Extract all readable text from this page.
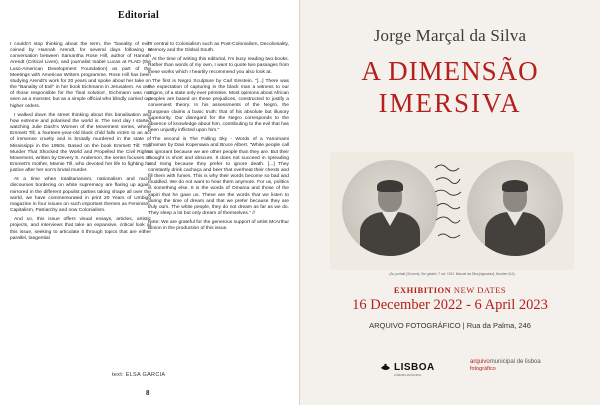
Editorial

I couldn't stop thinking about the term, the "banality of evil" coined by Hannah Arendt, for several days following a conversation between Samantha Rose Hill, author of Hannah Arendt (Critical Lives), and journalist Isabel Lucas at FLAD (the Luso-American Development Foundation) as part of the Meetings with American Writers programme. Rose Hill has been studying Arendt's work for 20 years and spoke about her take on the "Banality of Evil" in her book Eichmann in Jerusalem. As one of those responsible for the 'final solution', Eichmann was not seen as a monster, but as a simple official who blindly carried out higher orders.

I walked down the street thinking about this banalisation and how extreme and polarised the world is. The next day I started watching Julie Dash's Women of the Movement series, where Emmett Till, a fourteen-year-old black child falls victim to an act of immense cruelty and is brutally murdered in the state of Mississippi in the 1950s. Based on the book Emmett Till: The Murder That Shocked the World and Propelled the Civil Rights Movement, written by Devery S. Anderson, the series focuses on Emmett's mother, Mamie Till, who devoted her life to fighting for justice after her son's brutal murder.

At a time when totalitarianism, nationalism and racist discourses bordering on white supremacy are flaring up again, mirrored in the different populist parties taking shape all over the world, we have commemorated in print 20 Years of Umbigo magazine in four issues on such important themes as Feminism, Capitalism, Patriarchy and now Colonialism.

And so, this issue offers visual essays, articles, artistic projects, and interviews that take an expansive, critical look at this issue, seeking to articulate it through topics that are either parallel, tangential

or central to Colonialism such as Post-Colonialism, Decoloniality, Memory and the Global South.

At the time of writing this editorial, I'm busy reading two books. Rather than words of my own, I want to quote two passages from these works which I heartily recommend you also look at.

The first is Negro Sculpture by Carl Einstein. "[...] There was the expectation of capturing in the black man a witness to our origins, of a state only ever primitive. Most opinions about African peoples are based on these prejudices, constructed to justify a convenient theory. In his assessments of the Negro, the European claims a basic truth: that of his absolute but illusory superiority. Our disregard for the Negro corresponds to the absence of knowledge about him, contributing to the evil that has been unjustly inflicted upon him."

The second is The Falling Sky - Words of a Yanomami Shaman by Davi Kopenawa and Bruce Albert. "White people call us ignorant because we are other people than they are. But their thought is short and obscure. It does not succeed in spreading and rising because they prefer to ignore death. [...] They constantly drink cachaça and beer that overheat their chests and fill them with fumes. This is why their words become so bad and muddled. We do not want to hear them anymore. For us, politics is something else. It is the words of Omama and those of the xapiri that he gave us. These are the words that we listen to during the time of dream and that we prefer because they are truly ours. The white people, they do not dream as far as we do. They sleep a lot but only dream of themselves." //

Note: We are grateful for the generous support of artist McArthur Binion in the production of this issue.

text: ELSA GARCIA
8
Jorge Marçal da Silva
A DIMENSÃO
IMERSIVA
(Au portrait (34 anos). Sur gelatin. 7 oct. 1912. Manuel da Silva [signature]. Number 614)
EXHIBITION NEW DATES
16 December 2022 - 6 April 2023
ARQUIVO FOTOGRÁFICO | Rua da Palma, 246
LISBOA
CÂMARA MUNICIPAL
arquivomunicipal de lisboa
fotográfico
